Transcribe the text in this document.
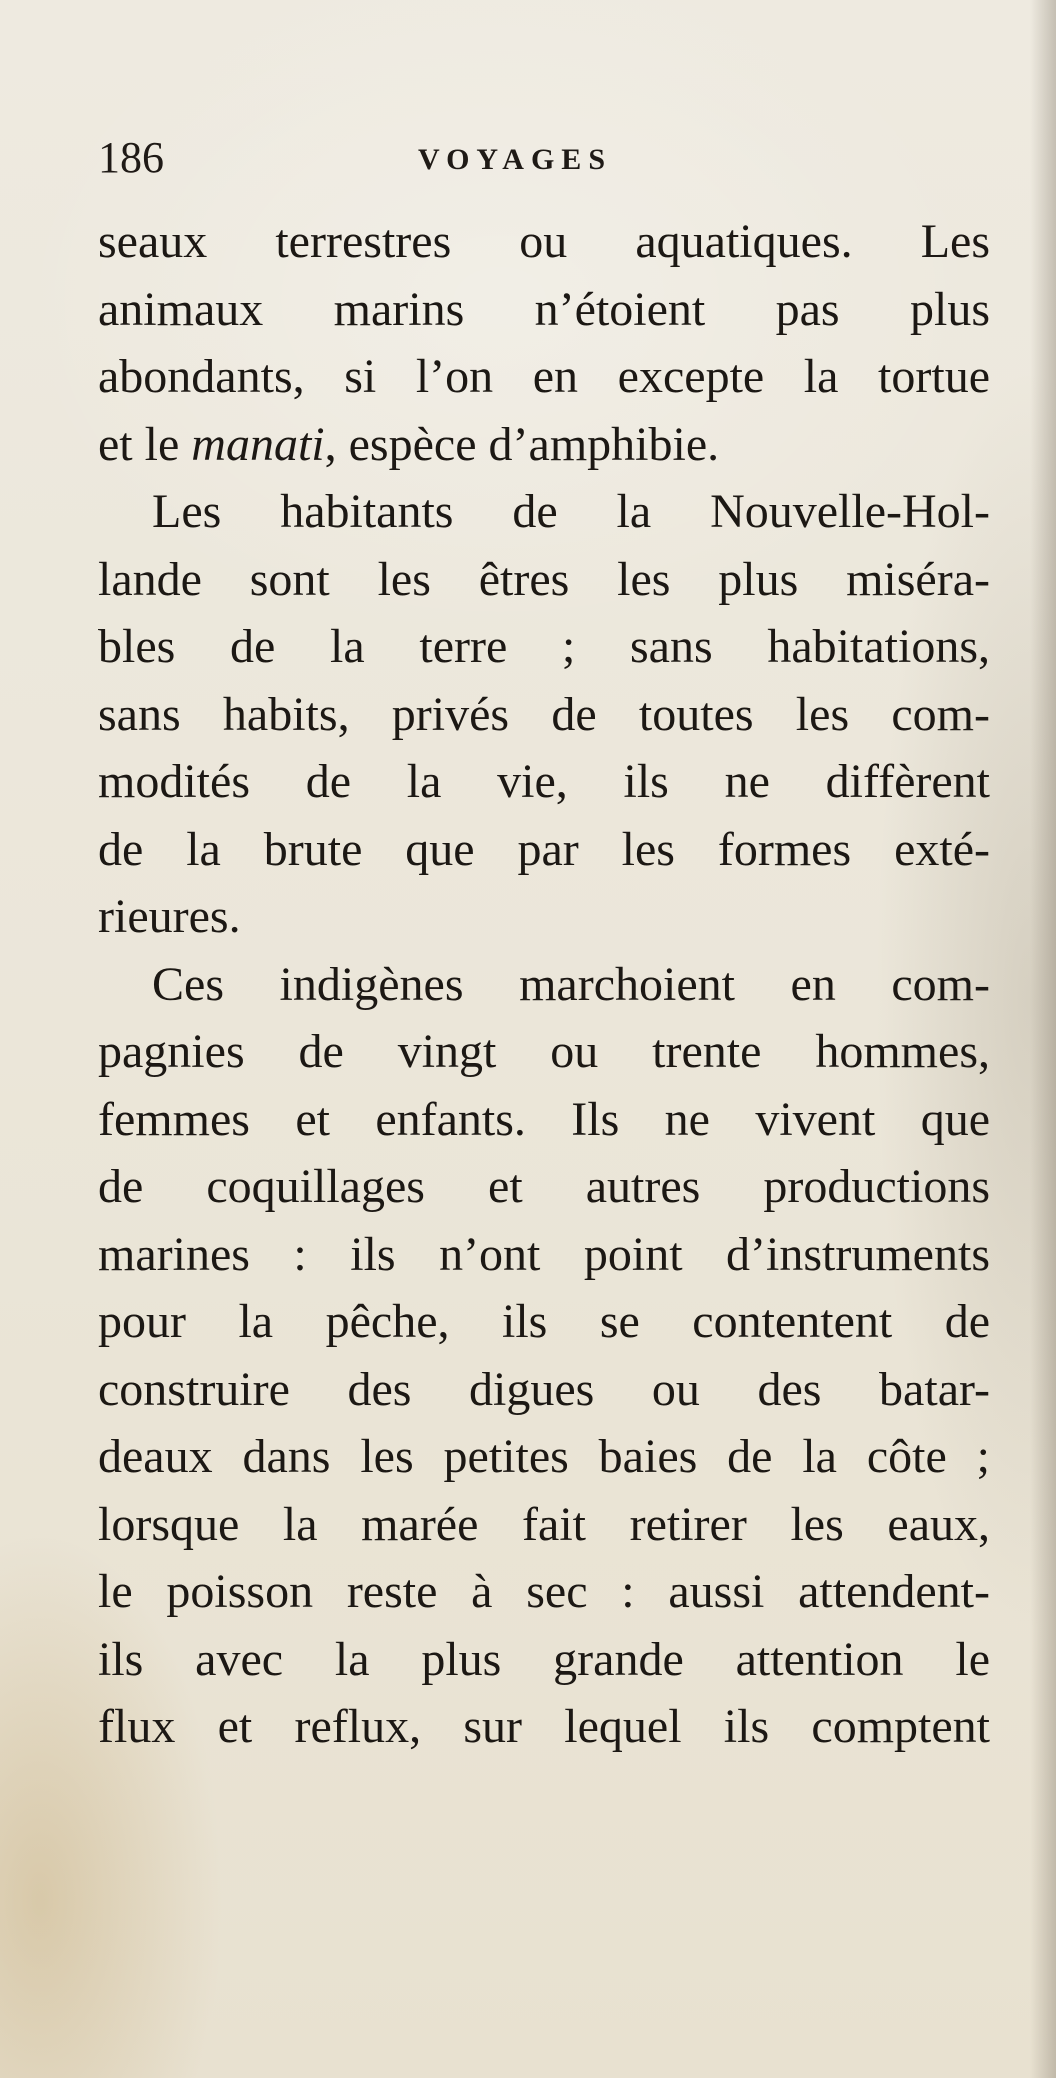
186	VOYAGES
seaux terrestres ou aquatiques. Les
animaux marins n’étoient pas plus
abondants, si l’on en excepte la tortue
et le manati, espèce d’amphibie.
Les habitants de la Nouvelle-Hol-
lande sont les êtres les plus miséra-
bles de la terre ; sans habitations,
sans habits, privés de toutes les com-
modités de la vie, ils ne diffèrent
de la brute que par les formes exté-
rieures.
Ces indigènes marchoient en com-
pagnies de vingt ou trente hommes,
femmes et enfants. Ils ne vivent que
de coquillages et autres productions
marines : ils n’ont point d’instruments
pour la pêche, ils se contentent de
construire des digues ou des batar-
deaux dans les petites baies de la côte ;
lorsque la marée fait retirer les eaux,
le poisson reste à sec : aussi attendent-
ils avec la plus grande attention le
flux et reflux, sur lequel ils comptent
